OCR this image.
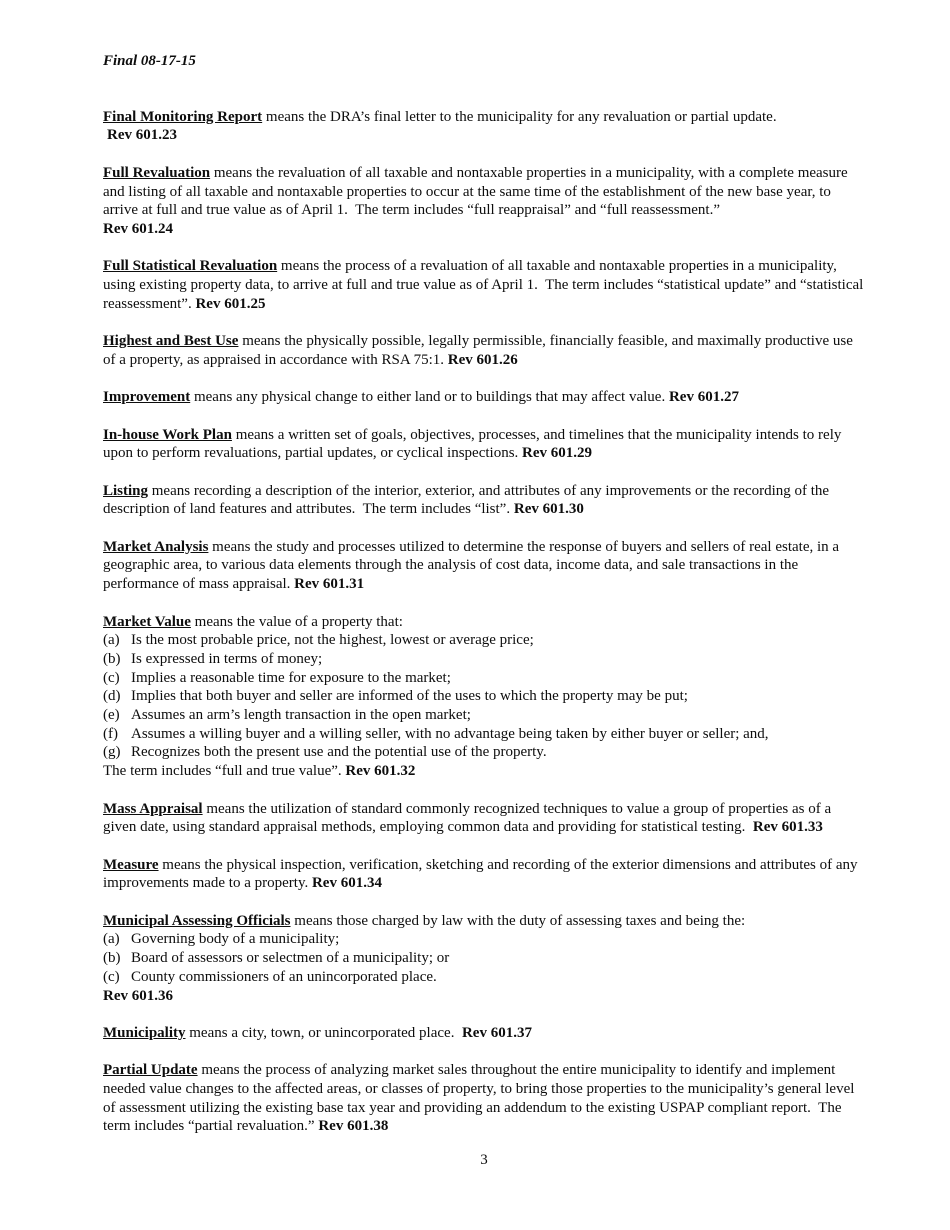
Final 08-17-15

Final Monitoring Report means the DRA’s final letter to the municipality for any revaluation or partial update.
Rev 601.23

Full Revaluation means the revaluation of all taxable and nontaxable properties in a municipality, with a complete measure and listing of all taxable and nontaxable properties to occur at the same time of the establishment of the new base year, to arrive at full and true value as of April 1.  The term includes “full reappraisal” and “full reassessment.”
Rev 601.24

Full Statistical Revaluation means the process of a revaluation of all taxable and nontaxable properties in a municipality, using existing property data, to arrive at full and true value as of April 1.  The term includes “statistical update” and “statistical reassessment”. Rev 601.25

Highest and Best Use means the physically possible, legally permissible, financially feasible, and maximally productive use of a property, as appraised in accordance with RSA 75:1. Rev 601.26

Improvement means any physical change to either land or to buildings that may affect value. Rev 601.27

In-house Work Plan means a written set of goals, objectives, processes, and timelines that the municipality intends to rely upon to perform revaluations, partial updates, or cyclical inspections. Rev 601.29

Listing means recording a description of the interior, exterior, and attributes of any improvements or the recording of the description of land features and attributes.  The term includes “list”. Rev 601.30

Market Analysis means the study and processes utilized to determine the response of buyers and sellers of real estate, in a geographic area, to various data elements through the analysis of cost data, income data, and sale transactions in the performance of mass appraisal. Rev 601.31

Market Value means the value of a property that:
(a) Is the most probable price, not the highest, lowest or average price;
(b) Is expressed in terms of money;
(c) Implies a reasonable time for exposure to the market;
(d) Implies that both buyer and seller are informed of the uses to which the property may be put;
(e) Assumes an arm’s length transaction in the open market;
(f) Assumes a willing buyer and a willing seller, with no advantage being taken by either buyer or seller; and,
(g) Recognizes both the present use and the potential use of the property.
The term includes “full and true value”. Rev 601.32

Mass Appraisal means the utilization of standard commonly recognized techniques to value a group of properties as of a given date, using standard appraisal methods, employing common data and providing for statistical testing.  Rev 601.33

Measure means the physical inspection, verification, sketching and recording of the exterior dimensions and attributes of any improvements made to a property. Rev 601.34

Municipal Assessing Officials means those charged by law with the duty of assessing taxes and being the:
(a) Governing body of a municipality;
(b) Board of assessors or selectmen of a municipality; or
(c) County commissioners of an unincorporated place.
Rev 601.36

Municipality means a city, town, or unincorporated place.  Rev 601.37

Partial Update means the process of analyzing market sales throughout the entire municipality to identify and implement needed value changes to the affected areas, or classes of property, to bring those properties to the municipality’s general level of assessment utilizing the existing base tax year and providing an addendum to the existing USPAP compliant report.  The term includes “partial revaluation.” Rev 601.38

3
